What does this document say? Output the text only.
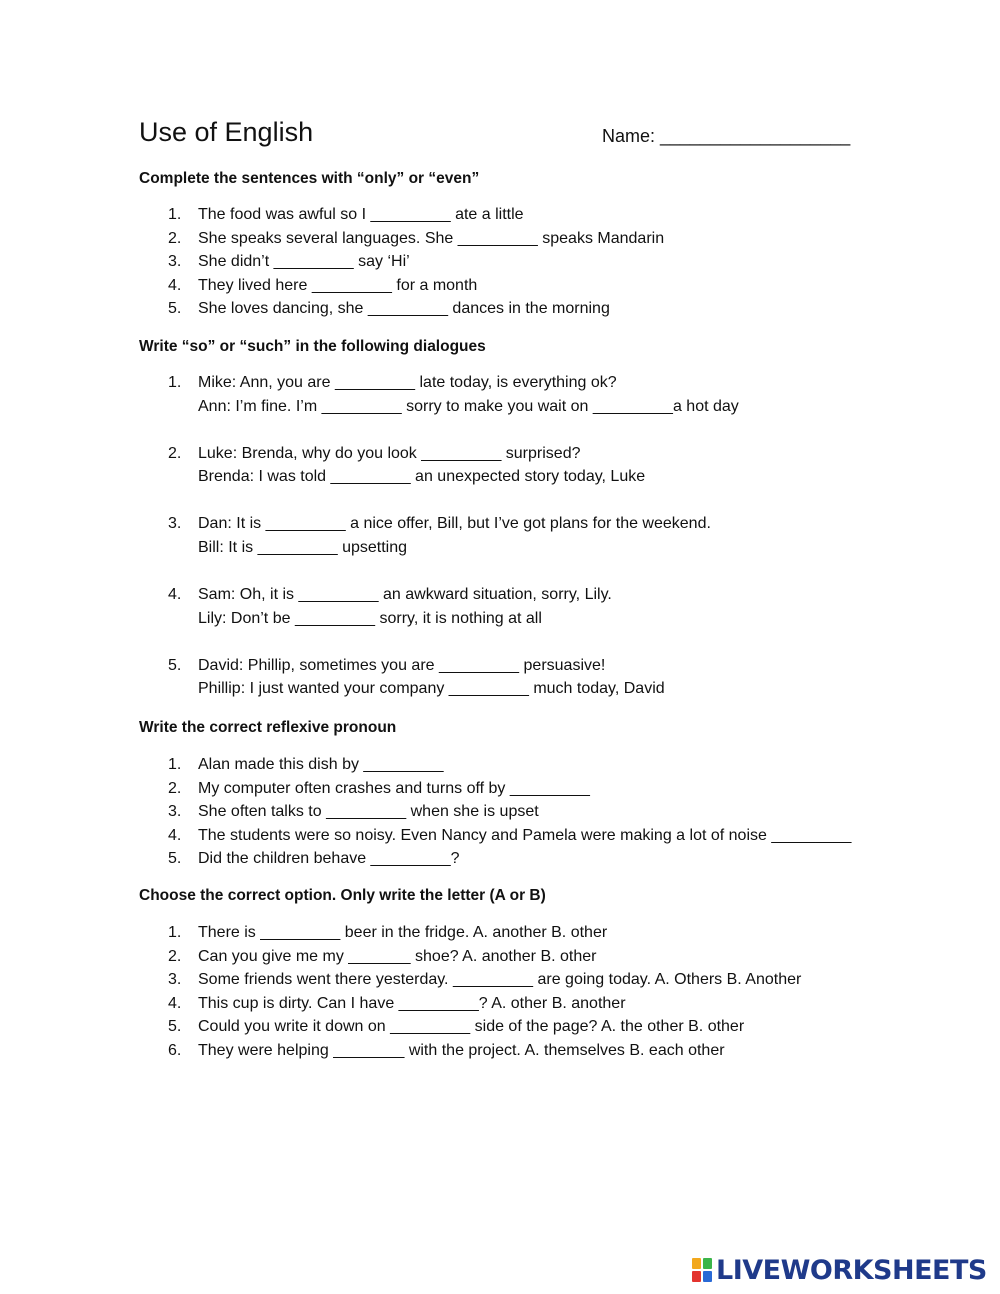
Use of English	Name: ___________________
Complete the sentences with “only” or “even”
1. The food was awful so I _________ ate a little
2. She speaks several languages. She _________ speaks Mandarin
3. She didn’t _________ say ‘Hi’
4. They lived here _________ for a month
5. She loves dancing, she _________ dances in the morning
Write “so” or “such” in the following dialogues
1. Mike: Ann, you are _________ late today, is everything ok?
Ann: I’m fine. I’m _________ sorry to make you wait on _________a hot day
2. Luke: Brenda, why do you look _________ surprised?
Brenda: I was told _________ an unexpected story today, Luke
3. Dan: It is _________ a nice offer, Bill, but I’ve got plans for the weekend.
Bill: It is _________ upsetting
4. Sam: Oh, it is _________ an awkward situation, sorry, Lily.
Lily: Don’t be _________ sorry, it is nothing at all
5. David: Phillip, sometimes you are _________ persuasive!
Phillip: I just wanted your company _________ much today, David
Write the correct reflexive pronoun
1. Alan made this dish by _________
2. My computer often crashes and turns off by _________
3. She often talks to _________ when she is upset
4. The students were so noisy. Even Nancy and Pamela were making a lot of noise _________
5. Did the children behave _________?
Choose the correct option. Only write the letter (A or B)
1. There is _________ beer in the fridge. A. another B. other
2. Can you give me my _______ shoe? A. another B. other
3. Some friends went there yesterday. _________ are going today. A. Others B. Another
4. This cup is dirty. Can I have _________? A. other B. another
5. Could you write it down on _________ side of the page? A. the other B. other
6. They were helping ________ with the project. A. themselves B. each other
LIVEWORKSHEETS
